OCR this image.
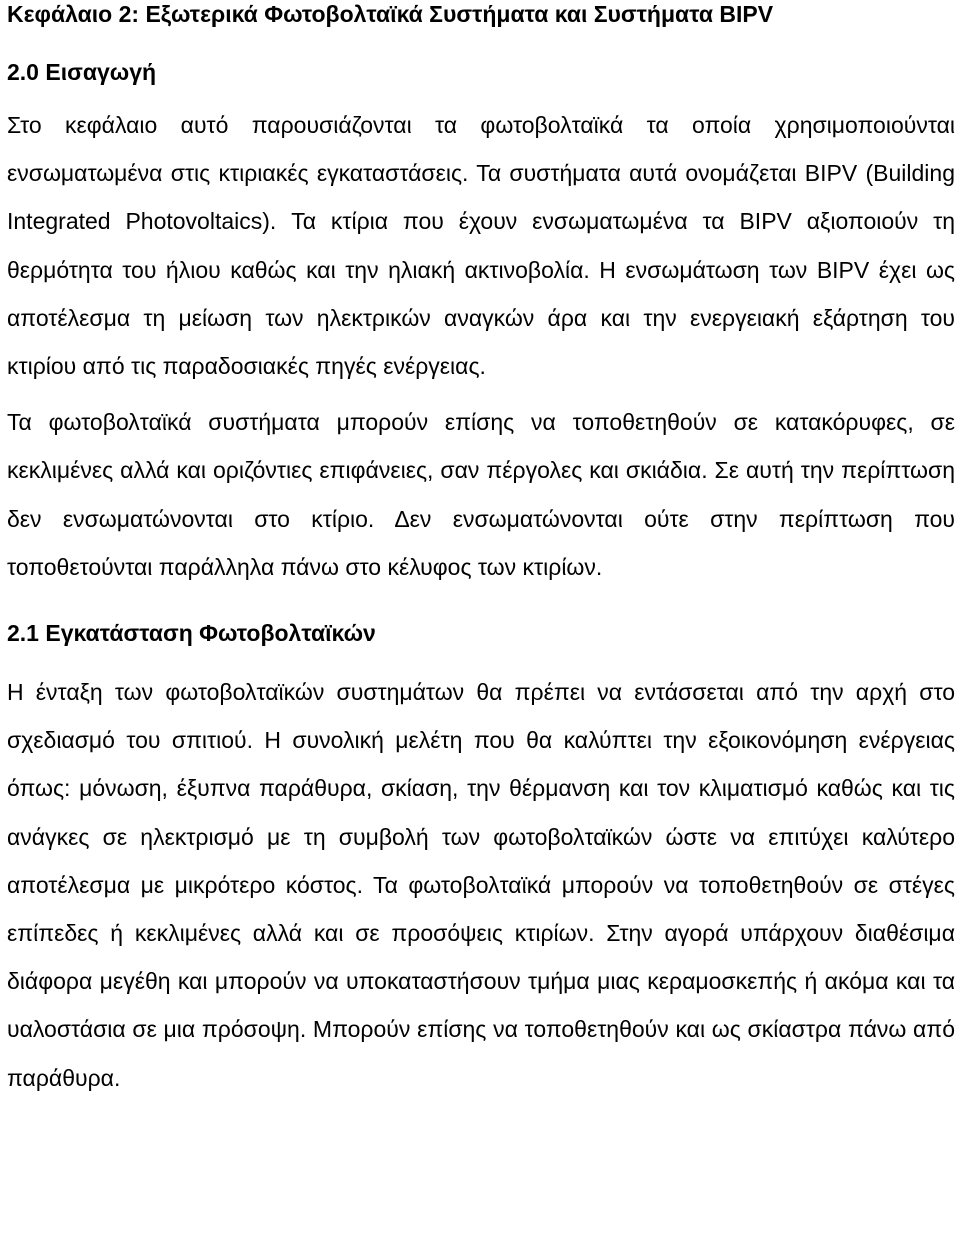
Κεφάλαιο 2: Εξωτερικά Φωτοβολταϊκά Συστήματα και Συστήματα BIPV
2.0 Εισαγωγή

Στο κεφάλαιο αυτό παρουσιάζονται τα φωτοβολταϊκά τα οποία χρησιμοποιούνται ενσωματωμένα στις κτιριακές εγκαταστάσεις. Τα συστήματα αυτά ονομάζεται BIPV (Building Integrated Photovoltaics). Τα κτίρια που έχουν ενσωματωμένα τα BIPV αξιοποιούν τη θερμότητα του ήλιου καθώς και την ηλιακή ακτινοβολία. Η ενσωμάτωση των BIPV έχει ως αποτέλεσμα τη μείωση των ηλεκτρικών αναγκών άρα και την ενεργειακή εξάρτηση του κτιρίου από τις παραδοσιακές πηγές ενέργειας.

Τα φωτοβολταϊκά συστήματα μπορούν επίσης να τοποθετηθούν σε κατακόρυφες, σε κεκλιμένες αλλά και οριζόντιες επιφάνειες, σαν πέργολες και σκιάδια. Σε αυτή την περίπτωση δεν ενσωματώνονται στο κτίριο. Δεν ενσωματώνονται ούτε στην περίπτωση που τοποθετούνται παράλληλα πάνω στο κέλυφος των κτιρίων.

2.1 Εγκατάσταση Φωτοβολταϊκών

Η ένταξη των φωτοβολταϊκών συστημάτων θα πρέπει να εντάσσεται από την αρχή στο σχεδιασμό του σπιτιού. Η συνολική μελέτη που θα καλύπτει την εξοικονόμηση ενέργειας όπως: μόνωση, έξυπνα παράθυρα, σκίαση, την θέρμανση και τον κλιματισμό καθώς και τις ανάγκες σε ηλεκτρισμό με τη συμβολή των φωτοβολταϊκών ώστε να επιτύχει καλύτερο αποτέλεσμα με μικρότερο κόστος. Τα φωτοβολταϊκά μπορούν να τοποθετηθούν σε στέγες επίπεδες ή κεκλιμένες αλλά και σε προσόψεις κτιρίων. Στην αγορά υπάρχουν διαθέσιμα διάφορα μεγέθη και μπορούν να υποκαταστήσουν τμήμα μιας κεραμοσκεπής ή ακόμα και τα υαλοστάσια σε μια πρόσοψη. Μπορούν επίσης να τοποθετηθούν και ως σκίαστρα πάνω από παράθυρα.
